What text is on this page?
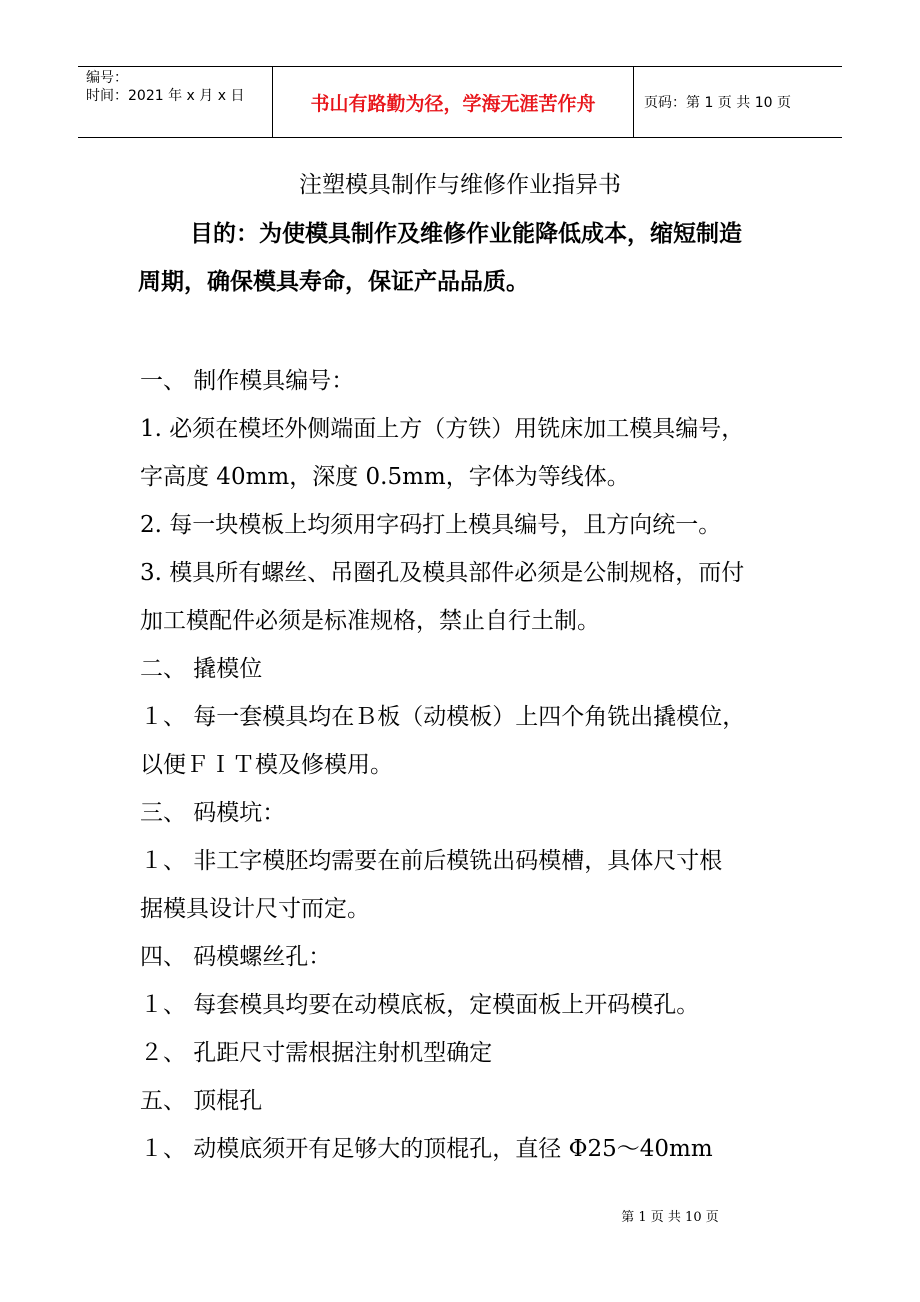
编号：
时间：2021 年 x 月 x 日	书山有路勤为径，学海无涯苦作舟	页码：第 1 页 共 10 页
注塑模具制作与维修作业指异书
目的：为使模具制作及维修作业能降低成本，缩短制造
周期，确保模具寿命，保证产品品质。
一、 制作模具编号：
1. 必须在模坯外侧端面上方（方铁）用铣床加工模具编号，
字高度 40mm，深度 0.5mm，字体为等线体。
2. 每一块模板上均须用字码打上模具编号，且方向统一。
3. 模具所有螺丝、吊圈孔及模具部件必须是公制规格，而付
加工模配件必须是标准规格，禁止自行土制。
二、 撬模位
１、 每一套模具均在Ｂ板（动模板）上四个角铣出撬模位，
以便ＦＩＴ模及修模用。
三、 码模坑：
１、 非工字模胚均需要在前后模铣出码模槽，具体尺寸根
据模具设计尺寸而定。
四、 码模螺丝孔：
１、 每套模具均要在动模底板，定模面板上开码模孔。
２、 孔距尺寸需根据注射机型确定
五、 顶棍孔
１、 动模底须开有足够大的顶棍孔，直径 Φ25～40mm
第 1 页 共 10 页
